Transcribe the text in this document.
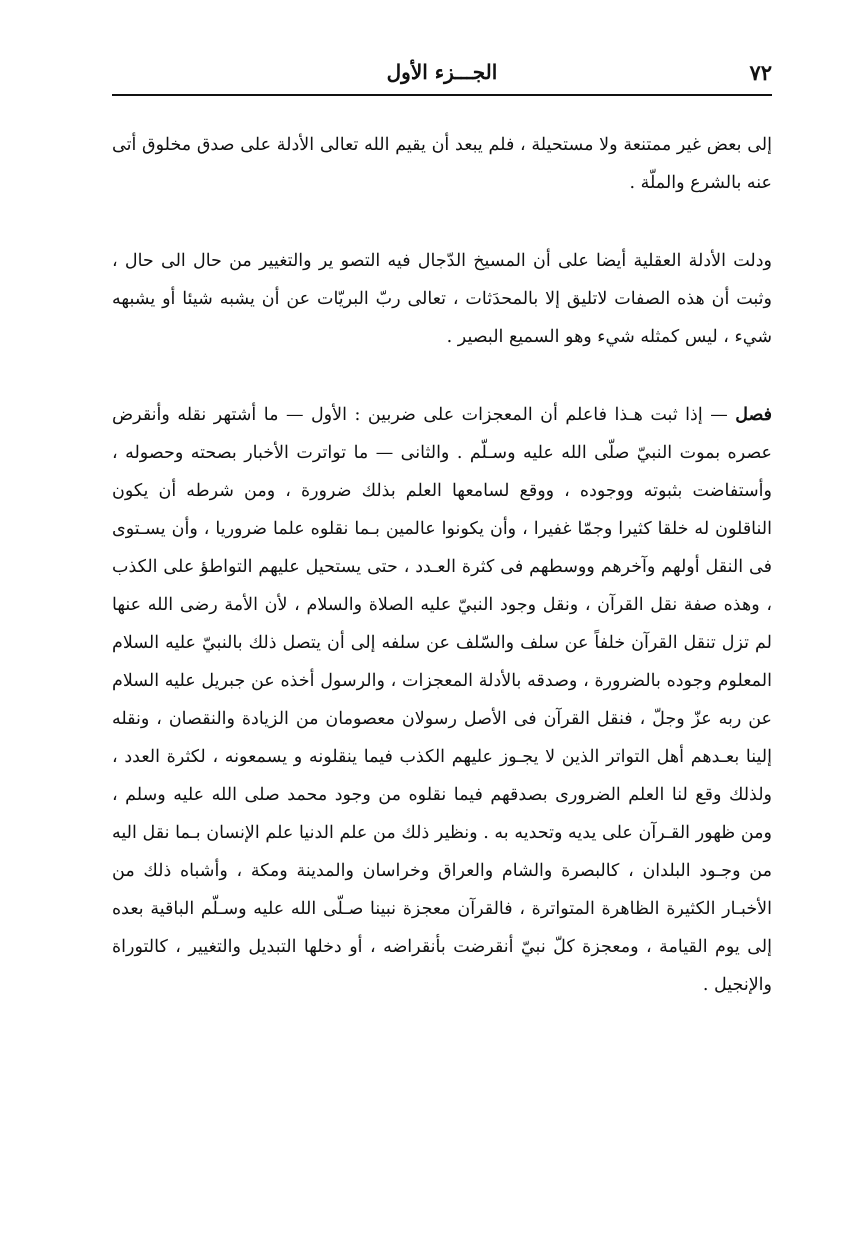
٧٢
الجـــزء الأول

إلى بعض غير ممتنعة ولا مستحيلة ، فلم يبعد أن يقيم الله تعالى الأدلة على صدق مخلوق أتى عنه بالشرع والملّة .

ودلت الأدلة العقلية أيضا على أن المسيخ الدّجال فيه التصو ير والتغيير من حال الى حال ، وثبت أن هذه الصفات لاتليق إلا بالمحدَثات ، تعالى ربّ البريّات عن أن يشبه شيئا أو يشبهه شيء ، ليس كمثله شيء وهو السميع البصير .

فصل — إذا ثبت هـذا فاعلم أن المعجزات على ضربين : الأول — ما أشتهر نقله وأنقرض عصره بموت النبيّ صلّى الله عليه وسـلّم . والثانى — ما تواترت الأخبار بصحته وحصوله ، وأستفاضت بثبوته ووجوده ، ووقع لسامعها العلم بذلك ضرورة ، ومن شرطه أن يكون الناقلون له خلقا كثيرا وجمّا غفيرا ، وأن يكونوا عالمين بـما نقلوه علما ضروريا ، وأن يسـتوى فى النقل أولهم وآخرهم ووسطهم فى كثرة العـدد ، حتى يستحيل عليهم التواطؤ على الكذب ، وهذه صفة نقل القرآن ، ونقل وجود النبيّ عليه الصلاة والسلام ، لأن الأمة رضى الله عنها لم تزل تنقل القرآن خلفاً عن سلف والسّلف عن سلفه إلى أن يتصل ذلك بالنبيّ عليه السلام المعلوم وجوده بالضرورة ، وصدقه بالأدلة المعجزات ، والرسول أخذه عن جبريل عليه السلام عن ربه عزّ وجلّ ، فنقل القرآن فى الأصل رسولان معصومان من الزيادة والنقصان ، ونقله إلينا بعـدهم أهل التواتر الذين لا يجـوز عليهم الكذب فيما ينقلونه و يسمعونه ، لكثرة العدد ، ولذلك وقع لنا العلم الضرورى بصدقهم فيما نقلوه من وجود محمد صلى الله عليه وسلم ، ومن ظهور القـرآن على يديه وتحديه به . ونظير ذلك من علم الدنيا علم الإنسان بـما نقل اليه من وجـود البلدان ، كالبصرة والشام والعراق وخراسان والمدينة ومكة ، وأشباه ذلك من الأخبـار الكثيرة الظاهرة المتواترة ، فالقرآن معجزة نبينا صـلّى الله عليه وسـلّم الباقية بعده إلى يوم القيامة ، ومعجزة كلّ نبيّ أنقرضت بأنقراضه ، أو دخلها التبديل والتغيير ، كالتوراة والإنجيل .
